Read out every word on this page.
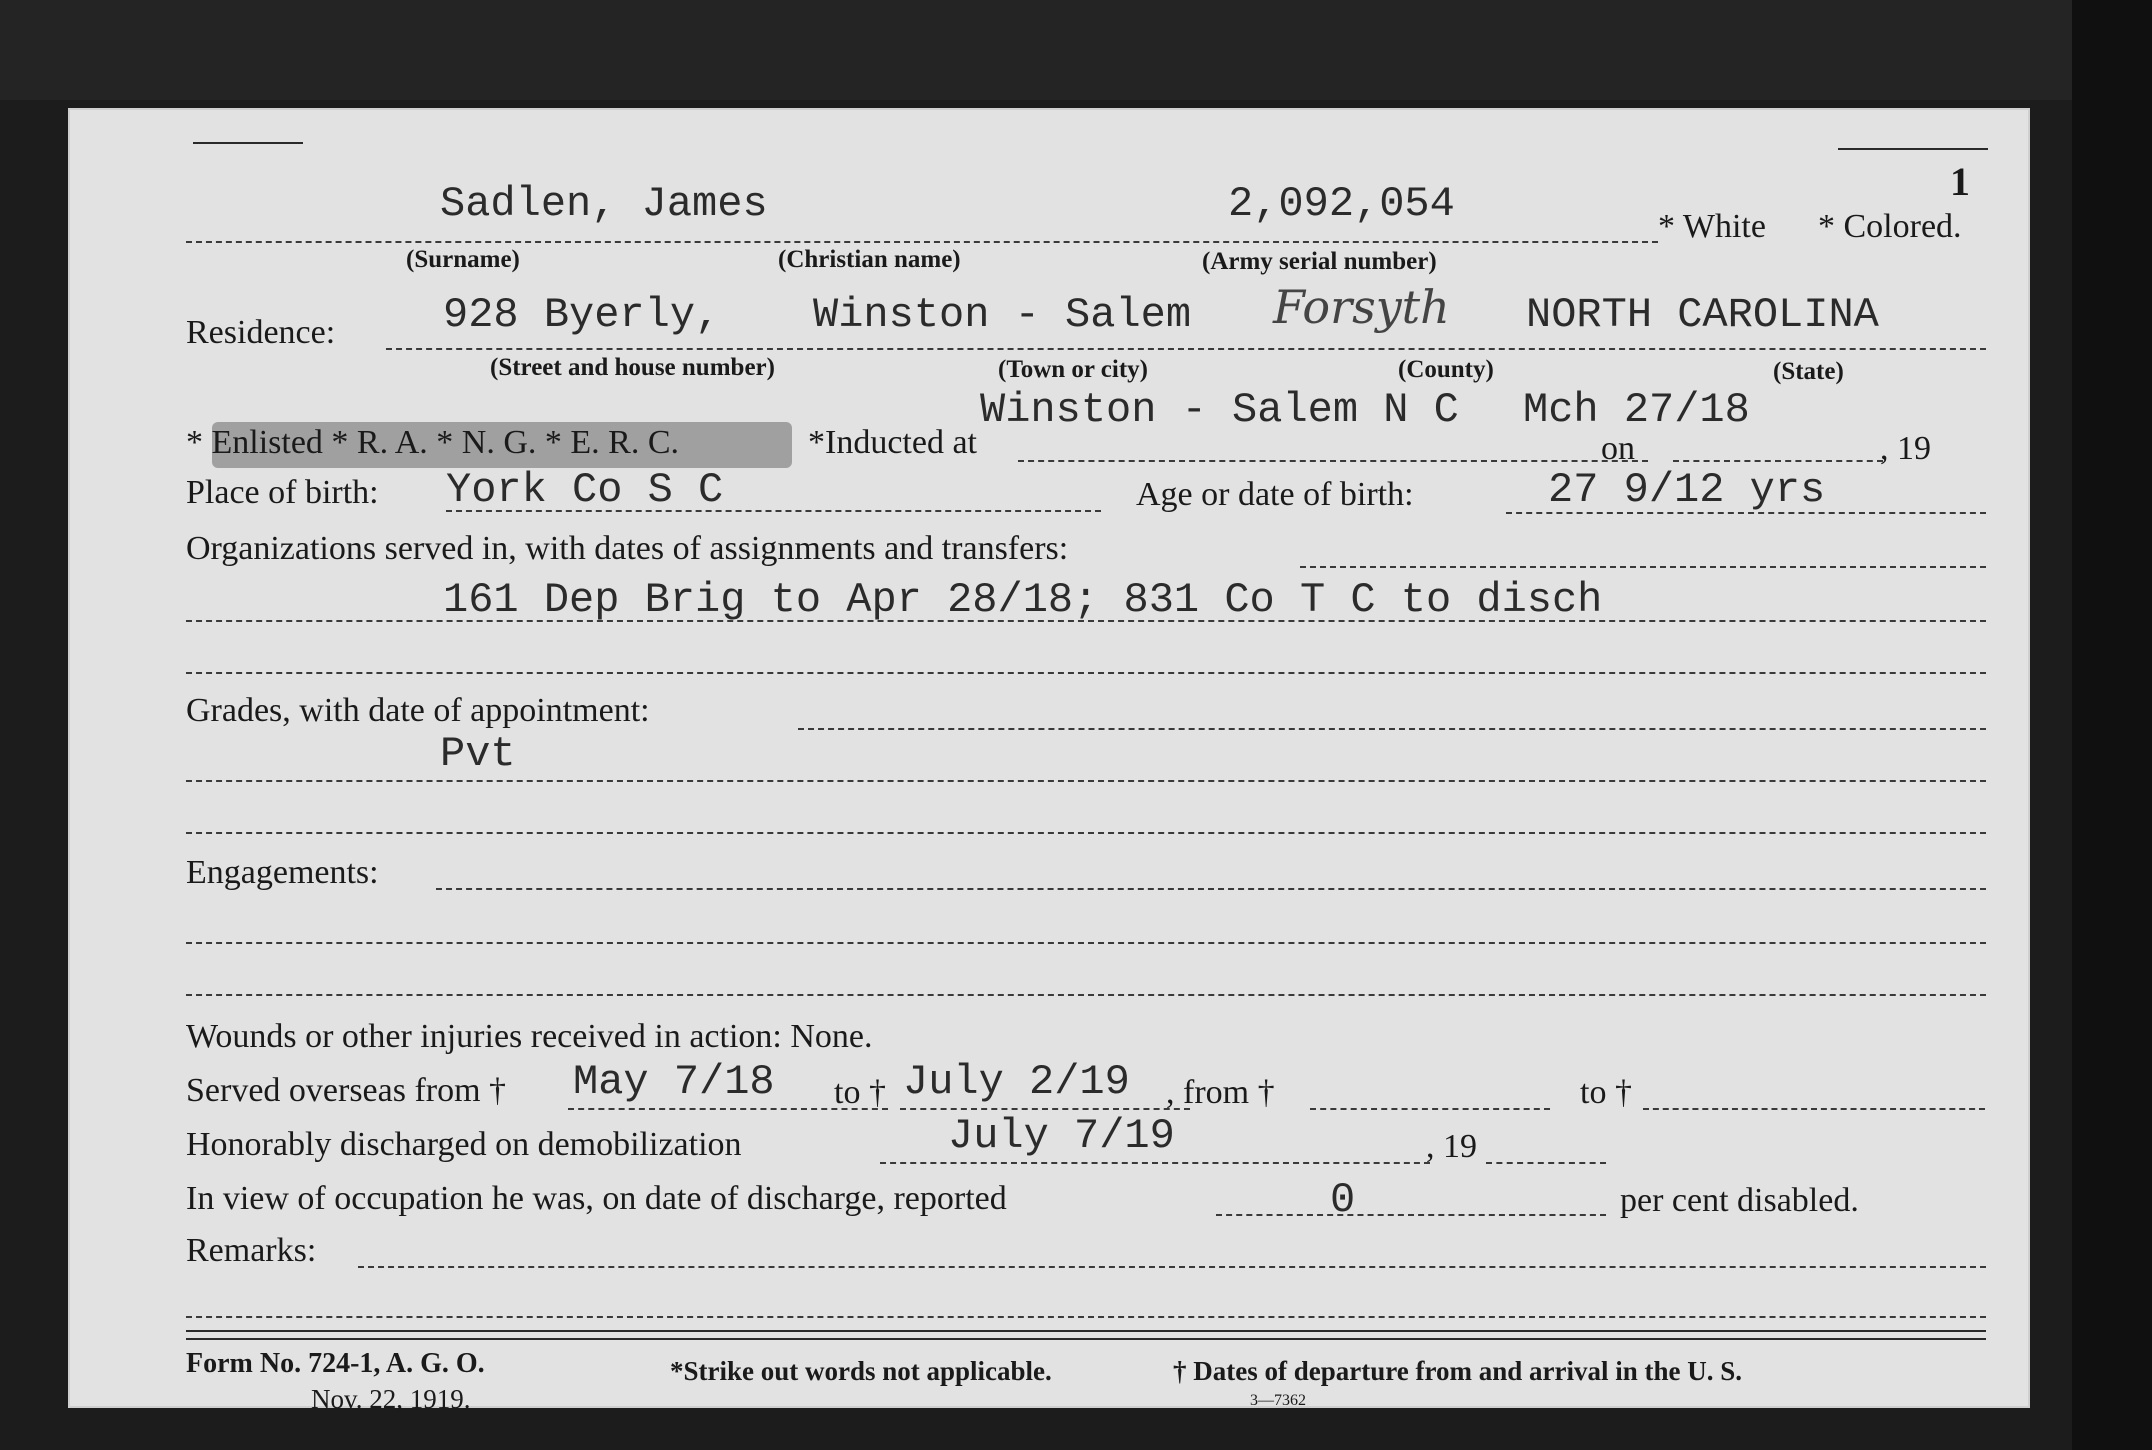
1
Sadlen, James	2,092,054	* White * Colored.
(Surname)	(Christian name)	(Army serial number)
Residence:	928 Byerly, Winston - Salem Forsyth NORTH CAROLINA
(Street and house number)	(Town or city)	(County)	(State)
Winston - Salem N C Mch 27/18
* Enlisted * R. A. * N. G. * E. R. C.	*Inducted at	on	, 19
Place of birth: York Co S C	Age or date of birth:	27 9/12 yrs
Organizations served in, with dates of assignments and transfers:
161 Dep Brig to Apr 28/18; 831 Co T C to disch
Grades, with date of appointment:
Pvt
Engagements:
Wounds or other injuries received in action: None.
Served overseas from † May 7/18 to † July 2/19 , from †	to †
Honorably discharged on demobilization	July 7/19	, 19
In view of occupation he was, on date of discharge, reported	0	per cent disabled.
Remarks:
Form No. 724-1, A. G. O.
Nov. 22, 1919.
*Strike out words not applicable.	† Dates of departure from and arrival in the U. S.
3—7362
